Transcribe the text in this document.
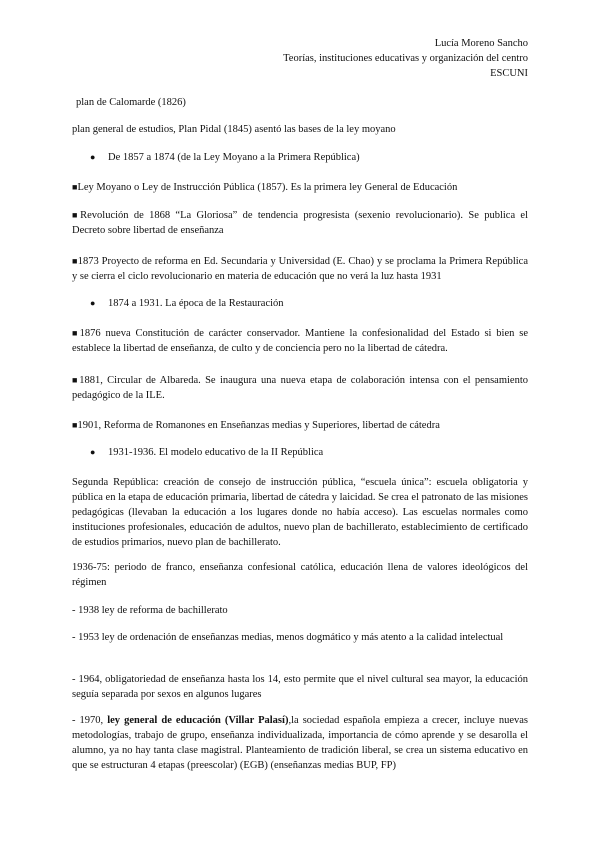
Lucía Moreno Sancho
Teorías, instituciones educativas y organización del centro
ESCUNI

plan de Calomarde (1826)

plan general de estudios, Plan Pidal (1845) asentó las bases de la ley moyano

● De 1857 a 1874 (de la Ley Moyano a la Primera República)

■Ley Moyano o Ley de Instrucción Pública (1857). Es la primera ley General de Educación

■Revolución de 1868 “La Gloriosa” de tendencia progresista (sexenio revolucionario). Se publica el Decreto sobre libertad de enseñanza

■1873 Proyecto de reforma en Ed. Secundaria y Universidad (E. Chao) y se proclama la Primera República y se cierra el ciclo revolucionario en materia de educación que no verá la luz hasta 1931

● 1874 a 1931. La época de la Restauración

■1876 nueva Constitución de carácter conservador. Mantiene la confesionalidad del Estado si bien se establece la libertad de enseñanza, de culto y de conciencia pero no la libertad de cátedra.

■1881, Circular de Albareda. Se inaugura una nueva etapa de colaboración intensa con el pensamiento pedagógico de la ILE.

■1901, Reforma de Romanones en Enseñanzas medias y Superiores, libertad de cátedra

● 1931-1936. El modelo educativo de la II República

Segunda República: creación de consejo de instrucción pública, “escuela única”: escuela obligatoria y pública en la etapa de educación primaria, libertad de cátedra y laicidad. Se crea el patronato de las misiones pedagógicas (llevaban la educación a los lugares donde no había acceso). Las escuelas normales como instituciones profesionales, educación de adultos, nuevo plan de bachillerato, establecimiento de certificado de estudios primarios, nuevo plan de bachillerato.

1936-75: periodo de franco, enseñanza confesional católica, educación llena de valores ideológicos del régimen

- 1938 ley de reforma de bachillerato

- 1953 ley de ordenación de enseñanzas medias, menos dogmático y más atento a la calidad intelectual

- 1964, obligatoriedad de enseñanza hasta los 14, esto permite que el nivel cultural sea mayor, la educación seguía separada por sexos en algunos lugares

- 1970, ley general de educación (Villar Palasí),la sociedad española empieza a crecer, incluye nuevas metodologías, trabajo de grupo, enseñanza individualizada, importancia de cómo aprende y se desarolla el alumno, ya no hay tanta clase magistral. Planteamiento de tradición liberal, se crea un sistema educativo en que se estructuran 4 etapas (preescolar) (EGB) (enseñanzas medias BUP, FP)
